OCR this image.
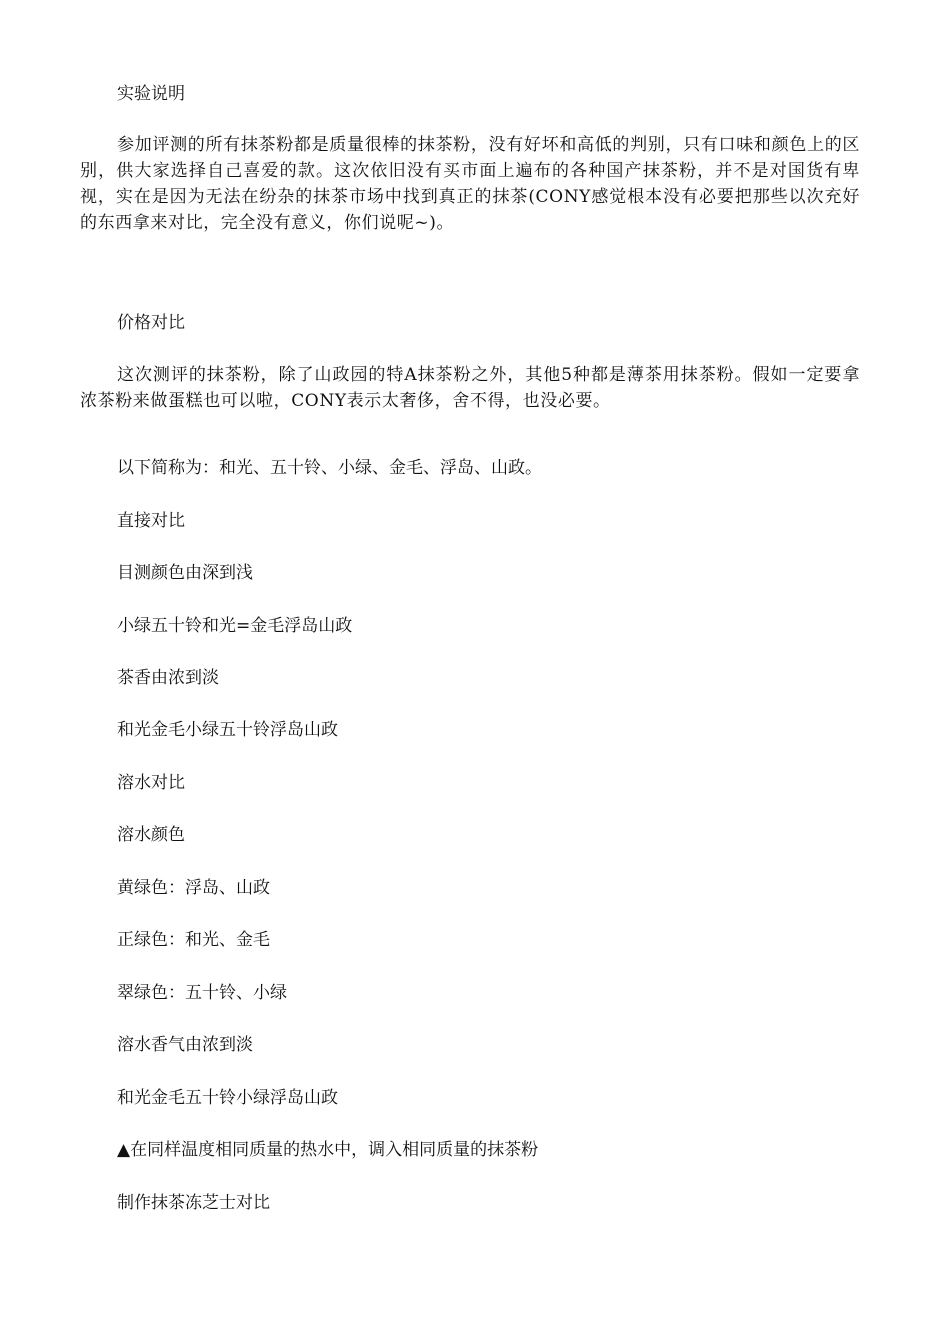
实验说明
参加评测的所有抹茶粉都是质量很棒的抹茶粉，没有好坏和高低的判别，只有口味和颜色上的区别，供大家选择自己喜爱的款。这次依旧没有买市面上遍布的各种国产抹茶粉，并不是对国货有卑视，实在是因为无法在纷杂的抹茶市场中找到真正的抹茶(CONY感觉根本没有必要把那些以次充好的东西拿来对比，完全没有意义，你们说呢~)。
价格对比
这次测评的抹茶粉，除了山政园的特A抹茶粉之外，其他5种都是薄茶用抹茶粉。假如一定要拿浓茶粉来做蛋糕也可以啦，CONY表示太奢侈，舍不得，也没必要。
以下简称为：和光、五十铃、小绿、金毛、浮岛、山政。
直接对比
目测颜色由深到浅
小绿五十铃和光=金毛浮岛山政
茶香由浓到淡
和光金毛小绿五十铃浮岛山政
溶水对比
溶水颜色
黄绿色：浮岛、山政
正绿色：和光、金毛
翠绿色：五十铃、小绿
溶水香气由浓到淡
和光金毛五十铃小绿浮岛山政
▲在同样温度相同质量的热水中，调入相同质量的抹茶粉
制作抹茶冻芝士对比
